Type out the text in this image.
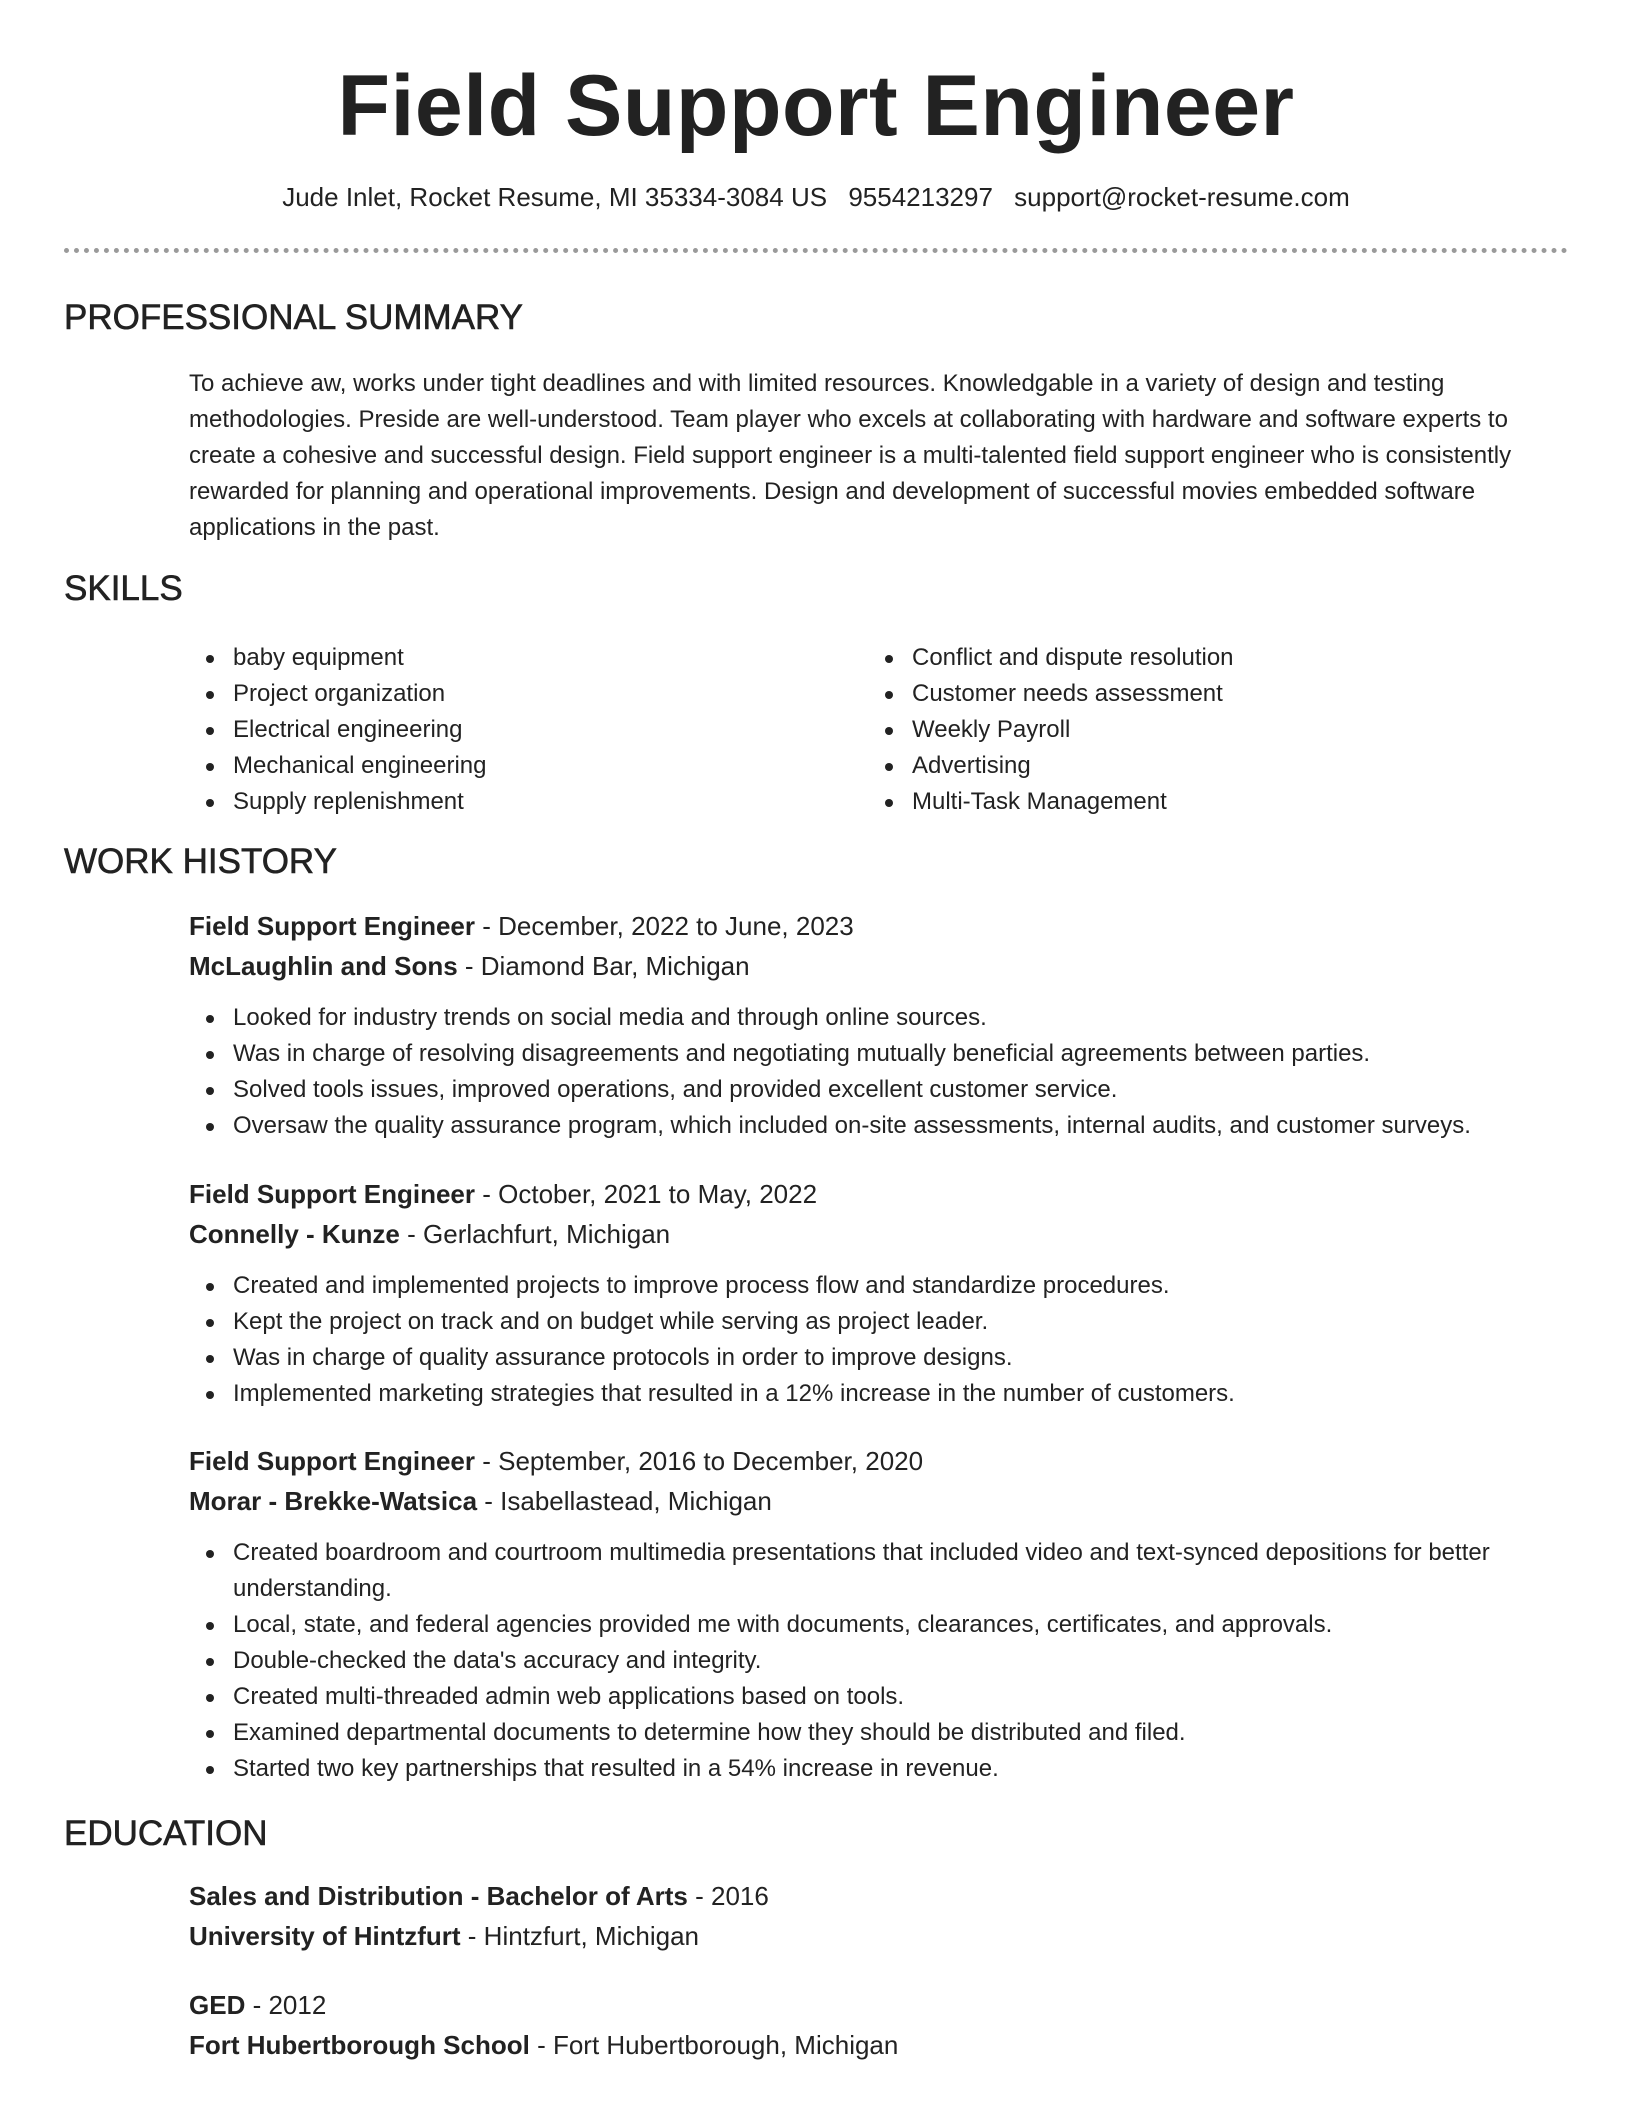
Field Support Engineer
Jude Inlet, Rocket Resume, MI 35334-3084 US 9554213297 support@rocket-resume.com
PROFESSIONAL SUMMARY
To achieve aw, works under tight deadlines and with limited resources. Knowledgable in a variety of design and testing methodologies. Preside are well-understood. Team player who excels at collaborating with hardware and software experts to create a cohesive and successful design. Field support engineer is a multi-talented field support engineer who is consistently rewarded for planning and operational improvements. Design and development of successful movies embedded software applications in the past.
SKILLS
baby equipment
Project organization
Electrical engineering
Mechanical engineering
Supply replenishment
Conflict and dispute resolution
Customer needs assessment
Weekly Payroll
Advertising
Multi-Task Management
WORK HISTORY
Field Support Engineer - December, 2022 to June, 2023
McLaughlin and Sons - Diamond Bar, Michigan
Looked for industry trends on social media and through online sources.
Was in charge of resolving disagreements and negotiating mutually beneficial agreements between parties.
Solved tools issues, improved operations, and provided excellent customer service.
Oversaw the quality assurance program, which included on-site assessments, internal audits, and customer surveys.
Field Support Engineer - October, 2021 to May, 2022
Connelly - Kunze - Gerlachfurt, Michigan
Created and implemented projects to improve process flow and standardize procedures.
Kept the project on track and on budget while serving as project leader.
Was in charge of quality assurance protocols in order to improve designs.
Implemented marketing strategies that resulted in a 12% increase in the number of customers.
Field Support Engineer - September, 2016 to December, 2020
Morar - Brekke-Watsica - Isabellastead, Michigan
Created boardroom and courtroom multimedia presentations that included video and text-synced depositions for better understanding.
Local, state, and federal agencies provided me with documents, clearances, certificates, and approvals.
Double-checked the data's accuracy and integrity.
Created multi-threaded admin web applications based on tools.
Examined departmental documents to determine how they should be distributed and filed.
Started two key partnerships that resulted in a 54% increase in revenue.
EDUCATION
Sales and Distribution - Bachelor of Arts - 2016
University of Hintzfurt - Hintzfurt, Michigan
GED - 2012
Fort Hubertborough School - Fort Hubertborough, Michigan
